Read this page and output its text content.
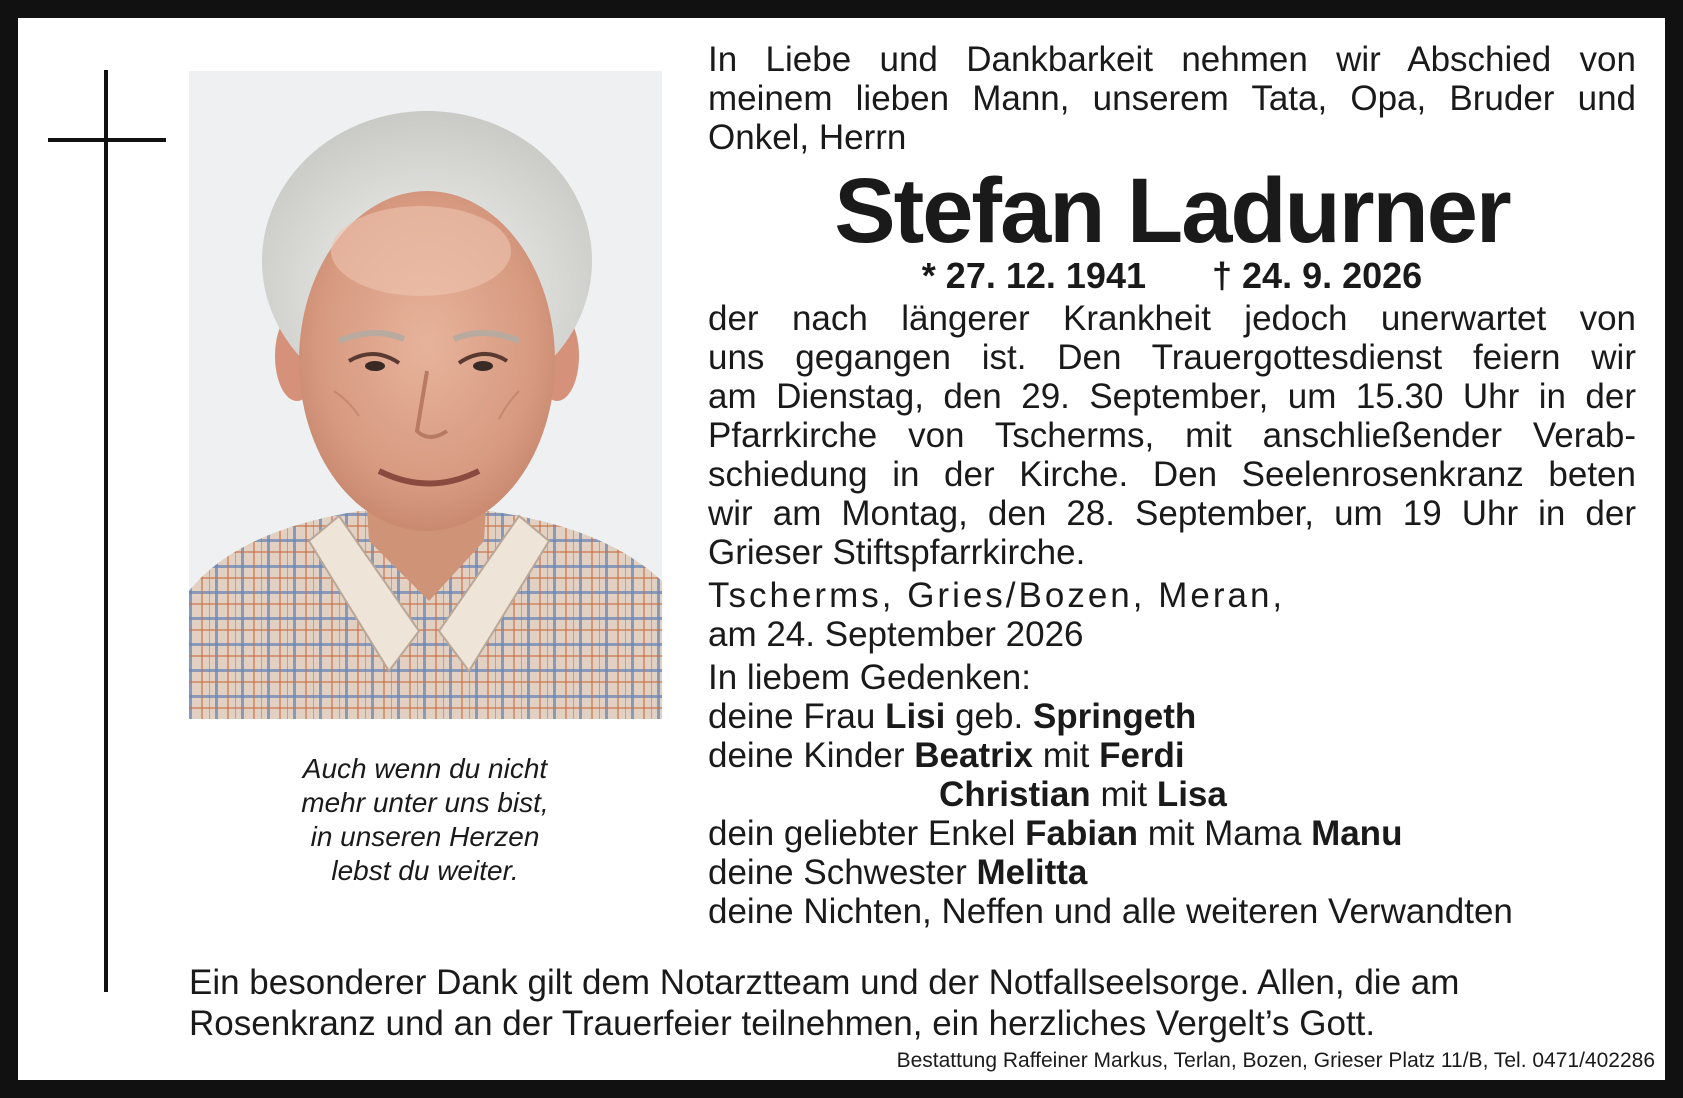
Auch wenn du nicht
mehr unter uns bist,
in unseren Herzen
lebst du weiter.
In Liebe und Dankbarkeit nehmen wir Abschied von
meinem lieben Mann, unserem Tata, Opa, Bruder und
Onkel, Herrn
Stefan Ladurner
* 27. 12. 1941 † 24. 9. 2026
der nach längerer Krankheit jedoch unerwartet von
uns gegangen ist. Den Trauergottesdienst feiern wir
am Dienstag, den 29. September, um 15.30 Uhr in der
Pfarrkirche von Tscherms, mit anschließender Verab-
schiedung in der Kirche. Den Seelenrosenkranz beten
wir am Montag, den 28. September, um 19 Uhr in der
Grieser Stiftspfarrkirche.
Tscherms, Gries/Bozen, Meran,
am 24. September 2026
In liebem Gedenken:
deine Frau Lisi geb. Springeth
deine Kinder Beatrix mit Ferdi
Christian mit Lisa
dein geliebter Enkel Fabian mit Mama Manu
deine Schwester Melitta
deine Nichten, Neffen und alle weiteren Verwandten
Ein besonderer Dank gilt dem Notarztteam und der Notfallseelsorge. Allen, die am
Rosenkranz und an der Trauerfeier teilnehmen, ein herzliches Vergelt’s Gott.
Bestattung Raffeiner Markus, Terlan, Bozen, Grieser Platz 11/B, Tel. 0471/402286
